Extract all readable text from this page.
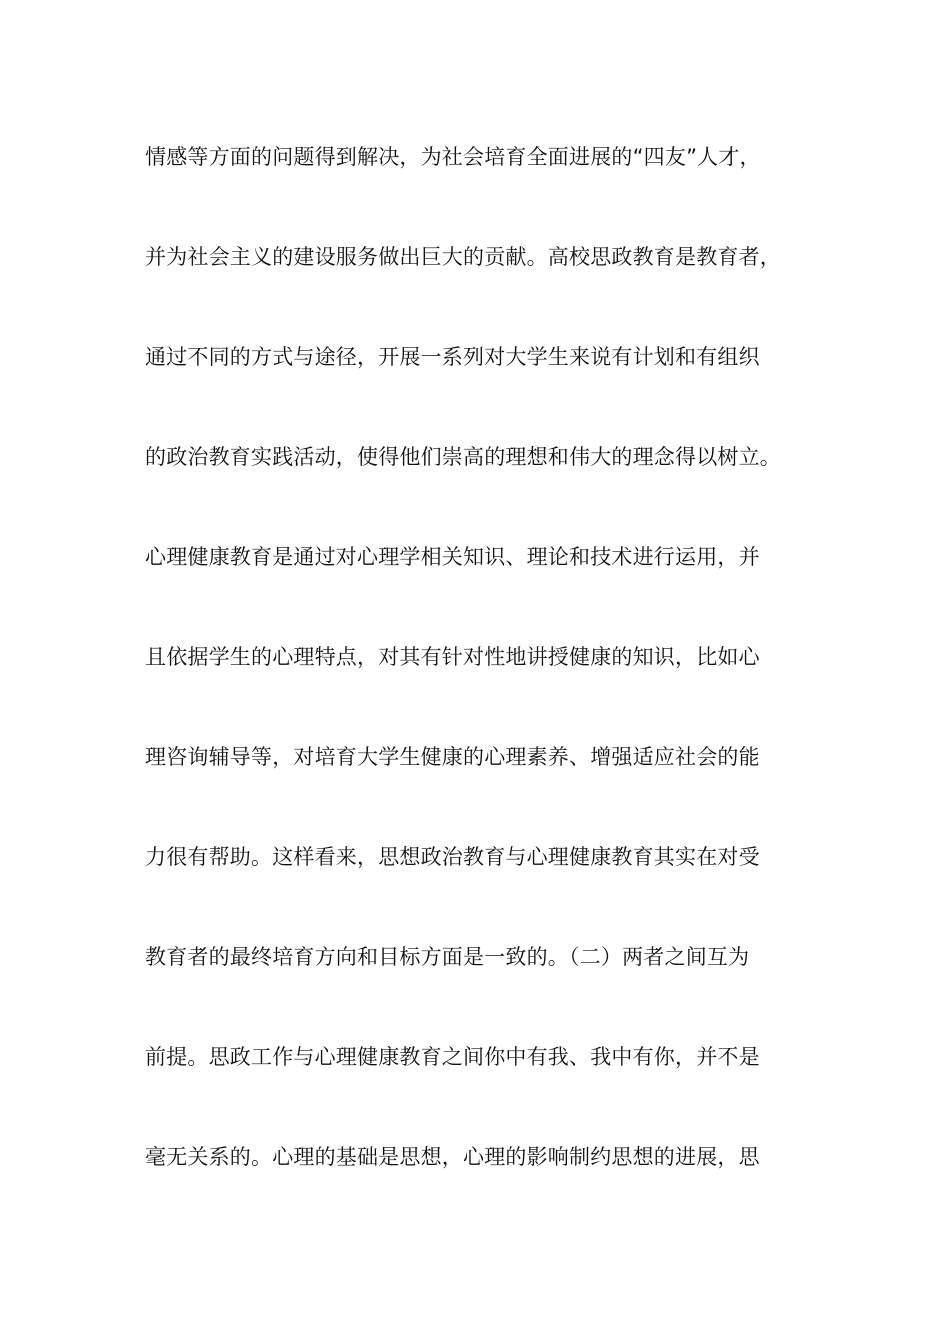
情感等方面的问题得到解决，为社会培育全面进展的“四友”人才，
并为社会主义的建设服务做出巨大的贡献。高校思政教育是教育者，
通过不同的方式与途径，开展一系列对大学生来说有计划和有组织
的政治教育实践活动，使得他们崇高的理想和伟大的理念得以树立。
心理健康教育是通过对心理学相关知识、理论和技术进行运用，并
且依据学生的心理特点，对其有针对性地讲授健康的知识，比如心
理咨询辅导等，对培育大学生健康的心理素养、增强适应社会的能
力很有帮助。这样看来，思想政治教育与心理健康教育其实在对受
教育者的最终培育方向和目标方面是一致的。（二）两者之间互为
前提。思政工作与心理健康教育之间你中有我、我中有你，并不是
毫无关系的。心理的基础是思想，心理的影响制约思想的进展，思
